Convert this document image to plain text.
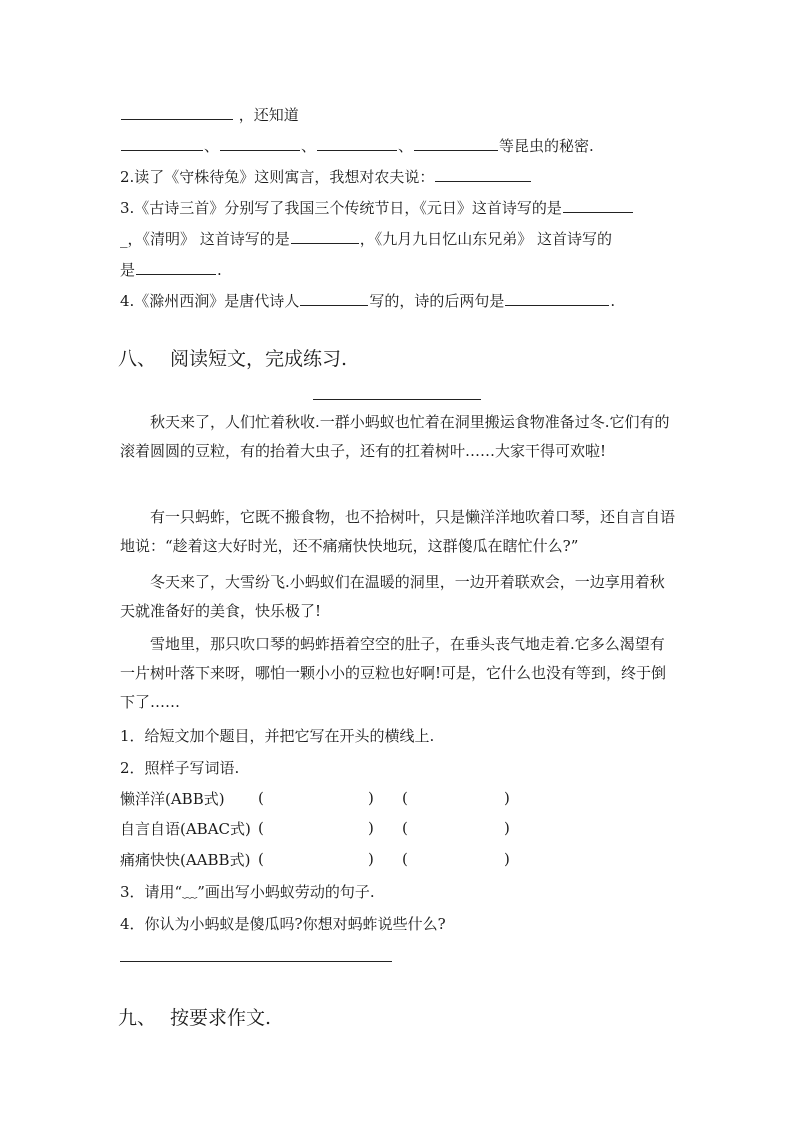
，还知道
、	、	、	等昆虫的秘密.
2.读了《守株待兔》这则寓言，我想对农夫说：
3.《古诗三首》分别写了我国三个传统节日，《元日》这首诗写的是
_，《清明》 这首诗写的是	，《九月九日忆山东兄弟》 这首诗写的
是	.
4.《滁州西涧》是唐代诗人	写的，诗的后两句是	.
八、 阅读短文，完成练习.
秋天来了，人们忙着秋收.一群小蚂蚁也忙着在洞里搬运食物准备过冬.它们有的滚着圆圆的豆粒，有的抬着大虫子，还有的扛着树叶……大家干得可欢啦!
有一只蚂蚱，它既不搬食物，也不拾树叶，只是懒洋洋地吹着口琴，还自言自语地说：“趁着这大好时光，还不痛痛快快地玩，这群傻瓜在瞎忙什么?”
冬天来了，大雪纷飞.小蚂蚁们在温暖的洞里，一边开着联欢会，一边享用着秋天就准备好的美食，快乐极了!
雪地里，那只吹口琴的蚂蚱捂着空空的肚子，在垂头丧气地走着.它多么渴望有一片树叶落下来呀，哪怕一颗小小的豆粒也好啊!可是，它什么也没有等到，终于倒下了……
1．给短文加个题目，并把它写在开头的横线上.
2．照样子写词语.
懒洋洋(ABB式) (	) (	)
自言自语(ABAC式) (	) (	)
痛痛快快(AABB式) (	) (	)
3．请用“﹏”画出写小蚂蚁劳动的句子.
4．你认为小蚂蚁是傻瓜吗?你想对蚂蚱说些什么?
九、 按要求作文.
